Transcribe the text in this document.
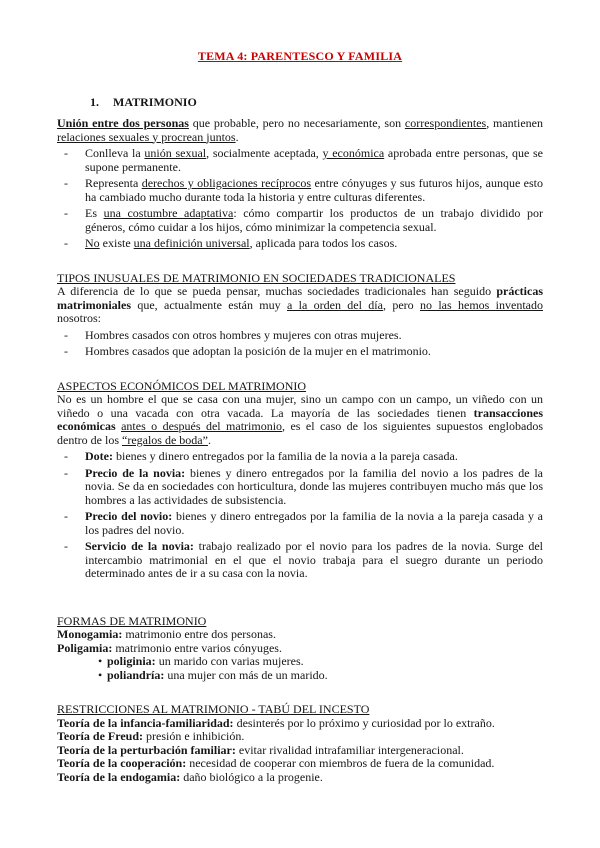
TEMA 4: PARENTESCO Y FAMILIA
1.	MATRIMONIO
Unión entre dos personas que probable, pero no necesariamente, son correspondientes, mantienen relaciones sexuales y procrean juntos.
-	Conlleva la unión sexual, socialmente aceptada, y económica aprobada entre personas, que se supone permanente.
-	Representa derechos y obligaciones recíprocos entre cónyuges y sus futuros hijos, aunque esto ha cambiado mucho durante toda la historia y entre culturas diferentes.
-	Es una costumbre adaptativa: cómo compartir los productos de un trabajo dividido por géneros, cómo cuidar a los hijos, cómo minimizar la competencia sexual.
-	No existe una definición universal, aplicada para todos los casos.
TIPOS INUSUALES DE MATRIMONIO EN SOCIEDADES TRADICIONALES
A diferencia de lo que se pueda pensar, muchas sociedades tradicionales han seguido prácticas matrimoniales que, actualmente están muy a la orden del día, pero no las hemos inventado nosotros:
-	Hombres casados con otros hombres y mujeres con otras mujeres.
-	Hombres casados que adoptan la posición de la mujer en el matrimonio.
ASPECTOS ECONÓMICOS DEL MATRIMONIO
No es un hombre el que se casa con una mujer, sino un campo con un campo, un viñedo con un viñedo o una vacada con otra vacada. La mayoría de las sociedades tienen transacciones económicas antes o después del matrimonio, es el caso de los siguientes supuestos englobados dentro de los “regalos de boda”.
-	Dote: bienes y dinero entregados por la familia de la novia a la pareja casada.
-	Precio de la novia: bienes y dinero entregados por la familia del novio a los padres de la novia. Se da en sociedades con horticultura, donde las mujeres contribuyen mucho más que los hombres a las actividades de subsistencia.
-	Precio del novio: bienes y dinero entregados por la familia de la novia a la pareja casada y a los padres del novio.
-	Servicio de la novia: trabajo realizado por el novio para los padres de la novia. Surge del intercambio matrimonial en el que el novio trabaja para el suegro durante un periodo determinado antes de ir a su casa con la novia.
FORMAS DE MATRIMONIO
Monogamia: matrimonio entre dos personas.
Poligamia: matrimonio entre varios cónyuges.
• poliginia: un marido con varias mujeres.
• poliandría: una mujer con más de un marido.
RESTRICCIONES AL MATRIMONIO - TABÚ DEL INCESTO
Teoría de la infancia-familiaridad: desinterés por lo próximo y curiosidad por lo extraño.
Teoría de Freud: presión e inhibición.
Teoría de la perturbación familiar: evitar rivalidad intrafamiliar intergeneracional.
Teoría de la cooperación: necesidad de cooperar con miembros de fuera de la comunidad.
Teoría de la endogamia: daño biológico a la progenie.
